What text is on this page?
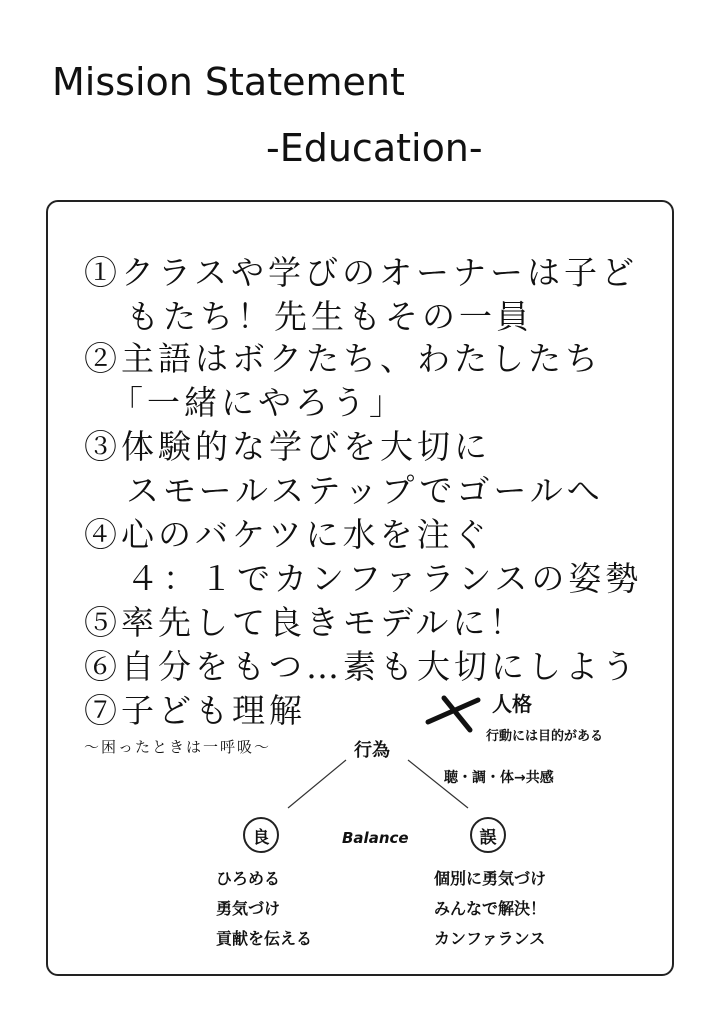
Mission Statement
-Education-
①クラスや学びのオーナーは子ど
もたち！先生もその一員
②主語はボクたち、わたしたち
「一緒にやろう」
③体験的な学びを大切に
スモールステップでゴールへ
④心のバケツに水を注ぐ
４：１でカンファランスの姿勢
⑤率先して良きモデルに！
⑥自分をもつ…素も大切にしよう
⑦子ども理解
～困ったときは一呼吸～
人格
行動には目的がある
行為
聴・調・体→共感
Balance
良	誤
ひろめる
勇気づけ
貢献を伝える
個別に勇気づけ
みんなで解決！
カンファランス
